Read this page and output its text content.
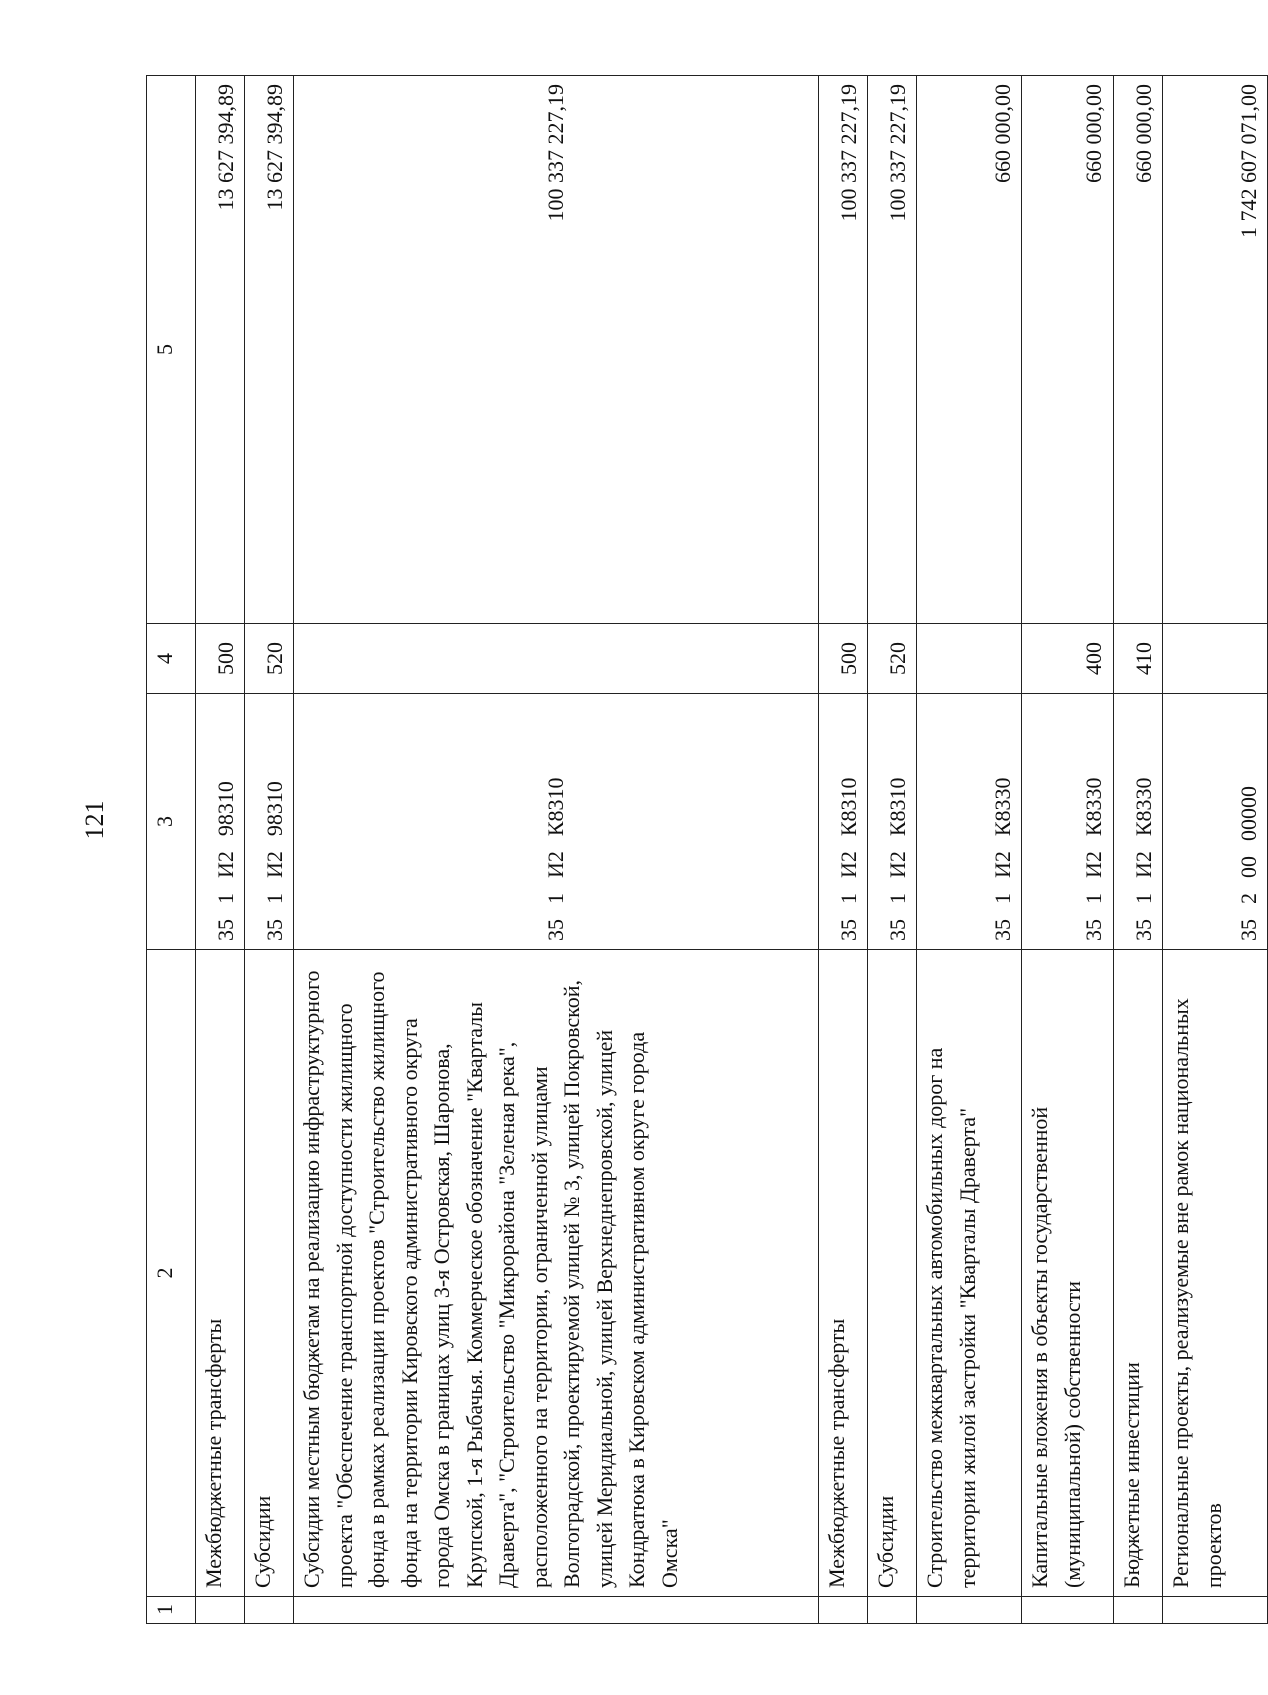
121
1	2	3	4	5
	Межбюджетные трансферты	35  1  И2  98310	500	13 627 394,89
	Субсидии	35  1  И2  98310	520	13 627 394,89
	Субсидии местным бюджетам на реализацию инфраструктурного проекта "Обеспечение транспортной доступности жилищного фонда в рамках реализации проектов "Строительство жилищного фонда на территории Кировского административного округа города Омска в границах улиц 3-я Островская, Шаронова, Крупской, 1-я Рыбачья. Коммерческое обозначение "Кварталы Драверта", "Строительство "Микрорайона "Зеленая река", расположенного на территории, ограниченной улицами Волгоградской, проектируемой улицей № 3, улицей Покровской, улицей Меридиальной, улицей Верхнеднепровской, улицей Кондратюка в Кировском административном округе города Омска"	35  1  И2  К8310		100 337 227,19
	Межбюджетные трансферты	35  1  И2  К8310	500	100 337 227,19
	Субсидии	35  1  И2  К8310	520	100 337 227,19
	Строительство межквартальных автомобильных дорог на территории жилой застройки "Кварталы Драверта"	35  1  И2  К8330		660 000,00
	Капитальные вложения в объекты государственной (муниципальной) собственности	35  1  И2  К8330	400	660 000,00
	Бюджетные инвестиции	35  1  И2  К8330	410	660 000,00
	Региональные проекты, реализуемые вне рамок национальных проектов	35  2  00  00000		1 742 607 071,00
